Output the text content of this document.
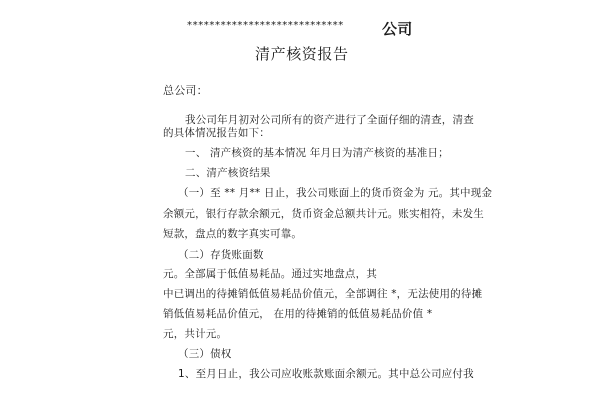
****************************	公司
清产核资报告
总公司：
我公司年月初对公司所有的资产进行了全面仔细的清查，清查
的具体情况报告如下：
一、 清产核资的基本情况 年月日为清产核资的基准日；
二、清产核资结果
（一）至 ** 月** 日止，我公司账面上的货币资金为 元。其中现金
余额元，银行存款余额元，货币资金总额共计元。账实相符，未发生
短款，盘点的数字真实可靠。
（二）存货账面数
元。全部属于低值易耗品。通过实地盘点，其
中已调出的待摊销低值易耗品价值元，全部调往 *，无法使用的待摊
销低值易耗品价值元， 在用的待摊销的低值易耗品价值 *
元，共计元。
（三）债权
1、至月日止，我公司应收账款账面余额元。其中总公司应付我
